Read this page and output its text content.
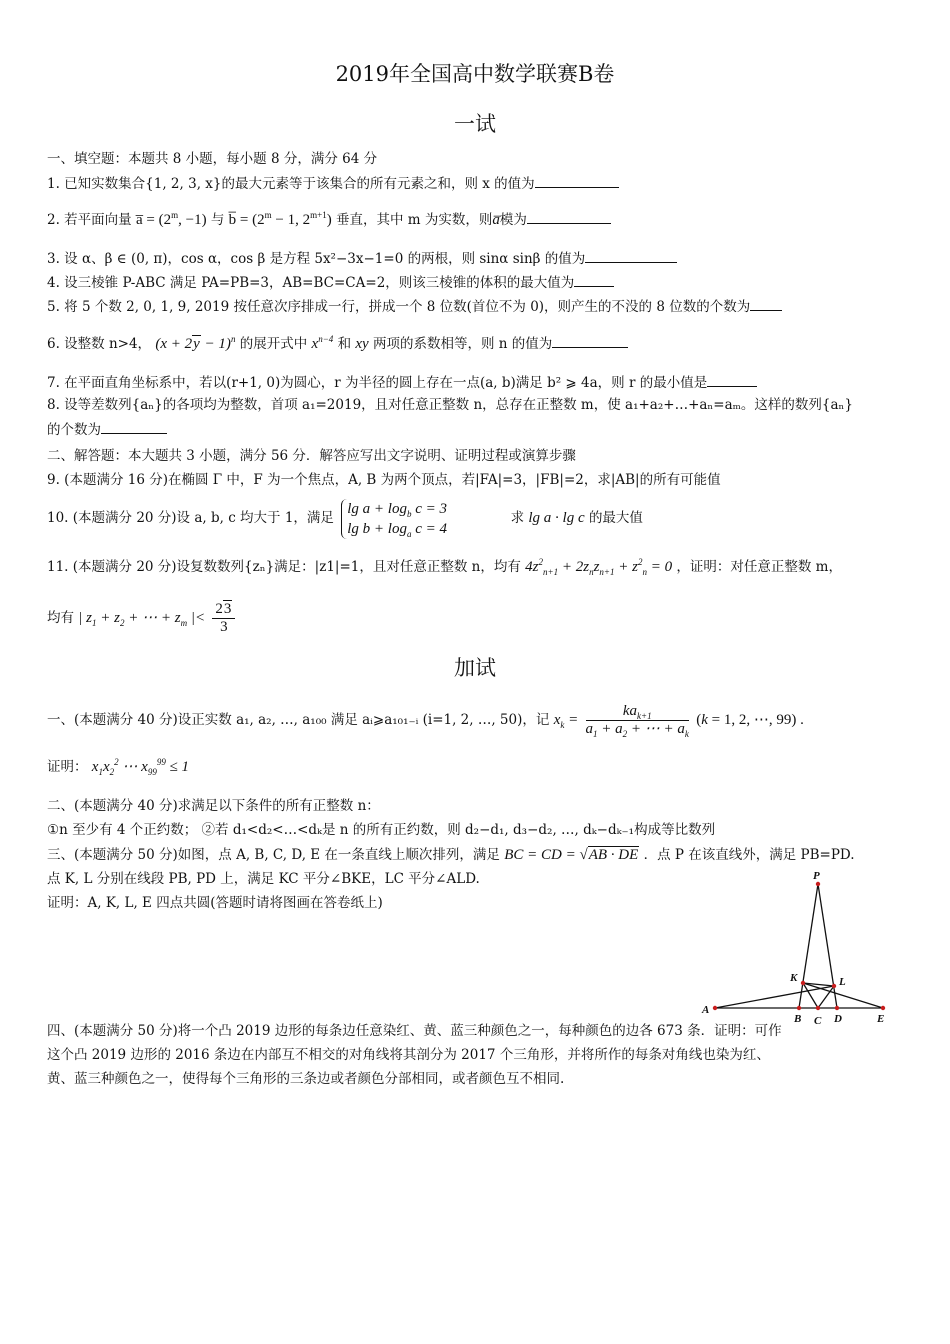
2019年全国高中数学联赛B卷
一试
一、填空题：本题共 8 小题，每小题 8 分，满分 64 分
1. 已知实数集合{1, 2, 3, x}的最大元素等于该集合的所有元素之和，则 x 的值为
2. 若平面向量 a̅ = ($2^m$, −1) 与 b̅ = ($2^m - 1$, $2^{m+1}$) 垂直，其中 m 为实数，则a̅模为
3. 设 α、β ∈ (0, π)，cos α，cos β 是方程 5x²−3x−1=0 的两根，则 sinα sinβ 的值为
4. 设三棱锥 P-ABC 满足 PA=PB=3，AB=BC=CA=2，则该三棱锥的体积的最大值为
5. 将 5 个数 2, 0, 1, 9, 2019 按任意次序排成一行，拼成一个 8 位数(首位不为 0)，则产生的不没的 8 位数的个数为
6. 设整数 n>4， $(x + 2y - 1)^n$ 的展开式中 $x^{n-4}$ 和 xy 两项的系数相等，则 n 的值为
7. 在平面直角坐标系中，若以(r+1, 0)为圆心，r 为半径的圆上存在一点(a, b)满足 b² ⩾ 4a，则 r 的最小值是
8. 设等差数列{aₙ}的各项均为整数，首项 a₁=2019，且对任意正整数 n，总存在正整数 m，使 a₁+a₂+…+aₙ=aₘ。这样的数列{aₙ}
的个数为
二、解答题：本大题共 3 小题，满分 56 分．解答应写出文字说明、证明过程或演算步骤
9. (本题满分 16 分)在椭圆 Γ 中，F 为一个焦点，A, B 为两个顶点，若|FA|=3，|FB|=2，求|AB|的所有可能值
10. (本题满分 20 分)设 a, b, c 均大于 1，满足 $\lg a + \log_b c = 3$
$\lg b + \log_a c = 4$  求 lg a · lg c 的最大值
11. (本题满分 20 分)设复数数列{zₙ}满足：|z1|=1，且对任意正整数 n，均有 $4z^2_{n+1} + 2z_nz_{n+1} + z^2_n = 0$ ，证明：对任意正整数 m，
均有 | $z_1 + z_2$ + ⋯ + $z_m$ |< $\frac{23}{3}$
加试
一、(本题满分 40 分)设正实数 a₁, a₂, …, a₁₀₀ 满足 aᵢ⩾a₁₀₁₋ᵢ (i=1, 2, …, 50)，记 $x_k = \frac{ka_{k+1}}{a_1 + a_2 + \cdots + a_k} (k = 1$, 2, ⋯, 99) .
证明： $x_1x_2^2$ ⋯ $x_{99}^{99} \le 1$
二、(本题满分 40 分)求满足以下条件的所有正整数 n：
①n 至少有 4 个正约数； ②若 d₁<d₂<…<dₖ是 n 的所有正约数，则 d₂−d₁, d₃−d₂, …, dₖ−dₖ₋₁构成等比数列
三、(本题满分 50 分)如图，点 A, B, C, D, E 在一条直线上顺次排列，满足 BC = CD = √AB · DE ．点 P 在该直线外，满足 PB=PD.
点 K, L 分别在线段 PB, PD 上，满足 KC 平分∠BKE，LC 平分∠ALD.
证明：A, K, L, E 四点共圆(答题时请将图画在答卷纸上)
P
K	L
A
B C D	E
四、(本题满分 50 分)将一个凸 2019 边形的每条边任意染红、黄、蓝三种颜色之一，每种颜色的边各 673 条．证明：可作
这个凸 2019 边形的 2016 条边在内部互不相交的对角线将其剖分为 2017 个三角形，并将所作的每条对角线也染为红、
黄、蓝三种颜色之一，使得每个三角形的三条边或者颜色分部相同，或者颜色互不相同.
